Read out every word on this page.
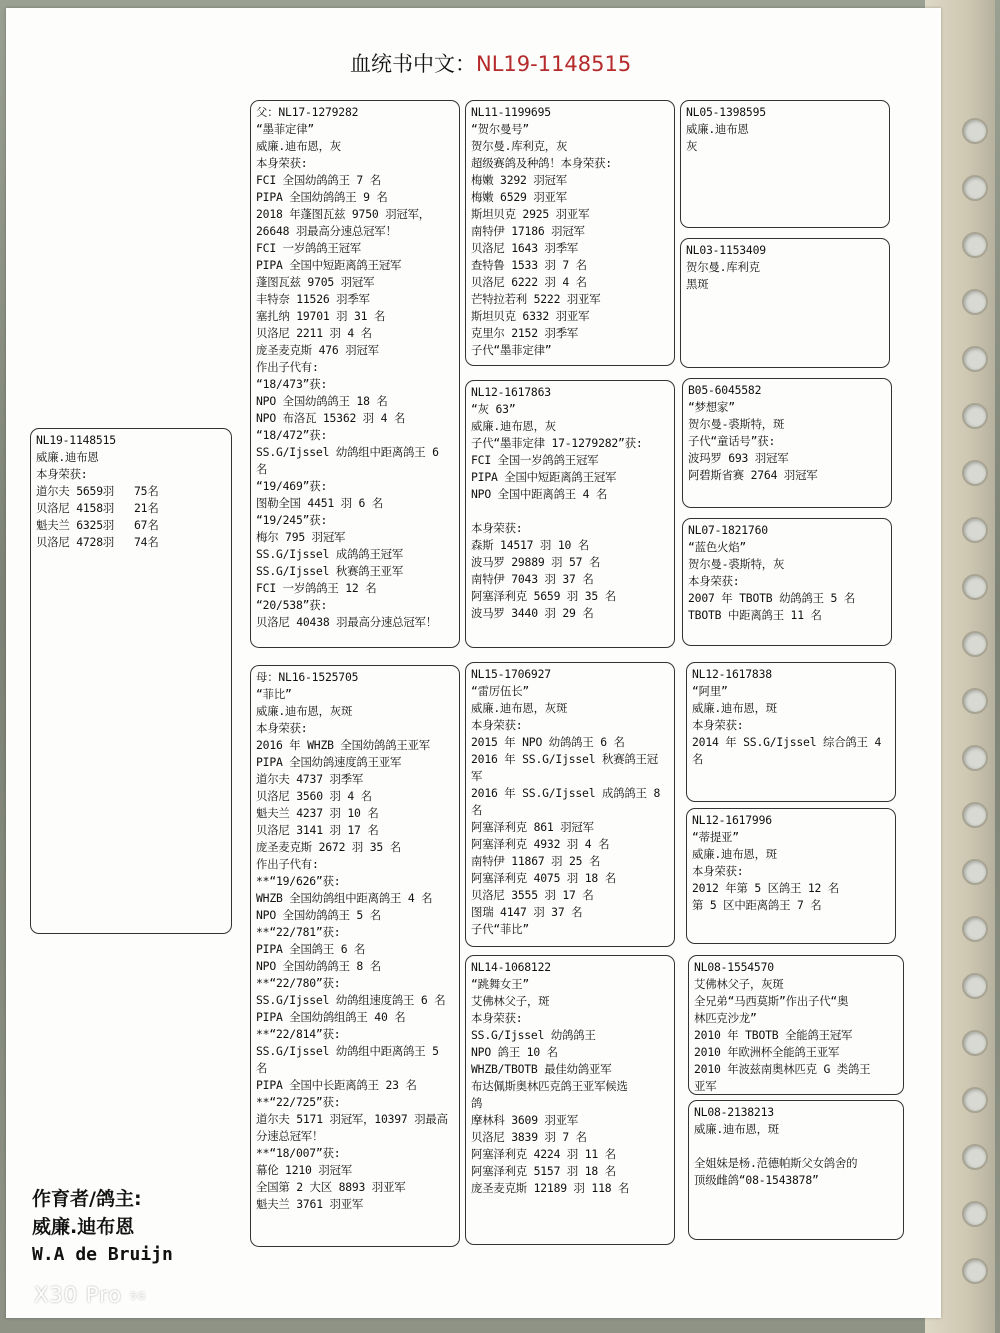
血统书中文：NL19-1148515
NL19-1148515
威廉.迪布恩
本身荣获:
道尔夫 5659羽   75名
贝洛尼 4158羽   21名
魁夫兰 6325羽   67名
贝洛尼 4728羽   74名
父：NL17-1279282
“墨菲定律”
威廉.迪布恩，灰
本身荣获:
FCI 全国幼鸽鸽王 7 名
PIPA 全国幼鸽鸽王 9 名
2018 年蓬图瓦兹 9750 羽冠军，
26648 羽最高分速总冠军！
FCI 一岁鸽鸽王冠军
PIPA 全国中短距离鸽王冠军
蓬图瓦兹 9705 羽冠军
丰特奈 11526 羽季军
塞扎纳 19701 羽 31 名
贝洛尼 2211 羽 4 名
庞圣麦克斯 476 羽冠军
作出子代有:
“18/473”获:
NPO 全国幼鸽鸽王 18 名
NPO 布洛瓦 15362 羽 4 名
“18/472”获:
SS.G/Ijssel 幼鸽组中距离鸽王 6
名
“19/469”获:
图勒全国 4451 羽 6 名
“19/245”获:
梅尔 795 羽冠军
SS.G/Ijssel 成鸽鸽王冠军
SS.G/Ijssel 秋赛鸽王亚军
FCI 一岁鸽鸽王 12 名
“20/538”获:
贝洛尼 40438 羽最高分速总冠军！
母：NL16-1525705
“菲比”
威廉.迪布恩，灰斑
本身荣获:
2016 年 WHZB 全国幼鸽鸽王亚军
PIPA 全国幼鸽速度鸽王亚军
道尔夫 4737 羽季军
贝洛尼 3560 羽 4 名
魁夫兰 4237 羽 10 名
贝洛尼 3141 羽 17 名
庞圣麦克斯 2672 羽 35 名
作出子代有:
**“19/626”获:
WHZB 全国幼鸽组中距离鸽王 4 名
NPO 全国幼鸽鸽王 5 名
**“22/781”获:
PIPA 全国鸽王 6 名
NPO 全国幼鸽鸽王 8 名
**“22/780”获:
SS.G/Ijssel 幼鸽组速度鸽王 6 名
PIPA 全国幼鸽组鸽王 40 名
**“22/814”获:
SS.G/Ijssel 幼鸽组中距离鸽王 5
名
PIPA 全国中长距离鸽王 23 名
**“22/725”获:
道尔夫 5171 羽冠军，10397 羽最高
分速总冠军！
**“18/007”获:
幕伦 1210 羽冠军
全国第 2 大区 8893 羽亚军
魁夫兰 3761 羽亚军
NL11-1199695
“贺尔曼号”
贺尔曼.库利克，灰
超级赛鸽及种鸽！本身荣获:
梅嫩 3292 羽冠军
梅嫩 6529 羽亚军
斯坦贝克 2925 羽亚军
南特伊 17186 羽冠军
贝洛尼 1643 羽季军
查特鲁 1533 羽 7 名
贝洛尼 6222 羽 4 名
芒特拉若利 5222 羽亚军
斯坦贝克 6332 羽亚军
克里尔 2152 羽季军
子代“墨菲定律”
NL12-1617863
“灰 63”
威廉.迪布恩，灰
子代“墨菲定律 17-1279282”获:
FCI 全国一岁鸽鸽王冠军
PIPA 全国中短距离鸽王冠军
NPO 全国中距离鸽王 4 名

本身荣获:
森斯 14517 羽 10 名
波马罗 29889 羽 57 名
南特伊 7043 羽 37 名
阿塞泽利克 5659 羽 35 名
波马罗 3440 羽 29 名
NL15-1706927
“雷厉伍长”
威廉.迪布恩，灰斑
本身荣获:
2015 年 NPO 幼鸽鸽王 6 名
2016 年 SS.G/Ijssel 秋赛鸽王冠
军
2016 年 SS.G/Ijssel 成鸽鸽王 8
名
阿塞泽利克 861 羽冠军
阿塞泽利克 4932 羽 4 名
南特伊 11867 羽 25 名
阿塞泽利克 4075 羽 18 名
贝洛尼 3555 羽 17 名
图瑞 4147 羽 37 名
子代“菲比”
NL14-1068122
“跳舞女王”
艾佛林父子，斑
本身荣获:
SS.G/Ijssel 幼鸽鸽王
NPO 鸽王 10 名
WHZB/TBOTB 最佳幼鸽亚军
布达佩斯奥林匹克鸽王亚军候选
鸽
摩林科 3609 羽亚军
贝洛尼 3839 羽 7 名
阿塞泽利克 4224 羽 11 名
阿塞泽利克 5157 羽 18 名
庞圣麦克斯 12189 羽 118 名
NL05-1398595
威廉.迪布恩
灰
NL03-1153409
贺尔曼.库利克
黑斑
B05-6045582
“梦想家”
贺尔曼-裘斯特，斑
子代“童话号”获:
波玛罗 693 羽冠军
阿碧斯省赛 2764 羽冠军
NL07-1821760
“蓝色火焰”
贺尔曼-裘斯特，灰
本身荣获:
2007 年 TBOTB 幼鸽鸽王 5 名
TBOTB 中距离鸽王 11 名
NL12-1617838
“阿里”
威廉.迪布恩，斑
本身荣获:
2014 年 SS.G/Ijssel 综合鸽王 4
名
NL12-1617996
“蒂提亚”
威廉.迪布恩，斑
本身荣获:
2012 年第 5 区鸽王 12 名
第 5 区中距离鸽王 7 名
NL08-1554570
艾佛林父子，灰斑
全兄弟“马西莫斯”作出子代“奥
林匹克沙龙”
2010 年 TBOTB 全能鸽王冠军
2010 年欧洲杯全能鸽王亚军
2010 年波兹南奥林匹克 G 类鸽王
亚军
NL08-2138213
威廉.迪布恩，斑

全姐妹是杨.范德帕斯父女鸽舍的
顶级雌鸽“08-1543878”
作育者/鸽主:
威廉.迪布恩
W.A de Bruijn
X30 Pro 5G
